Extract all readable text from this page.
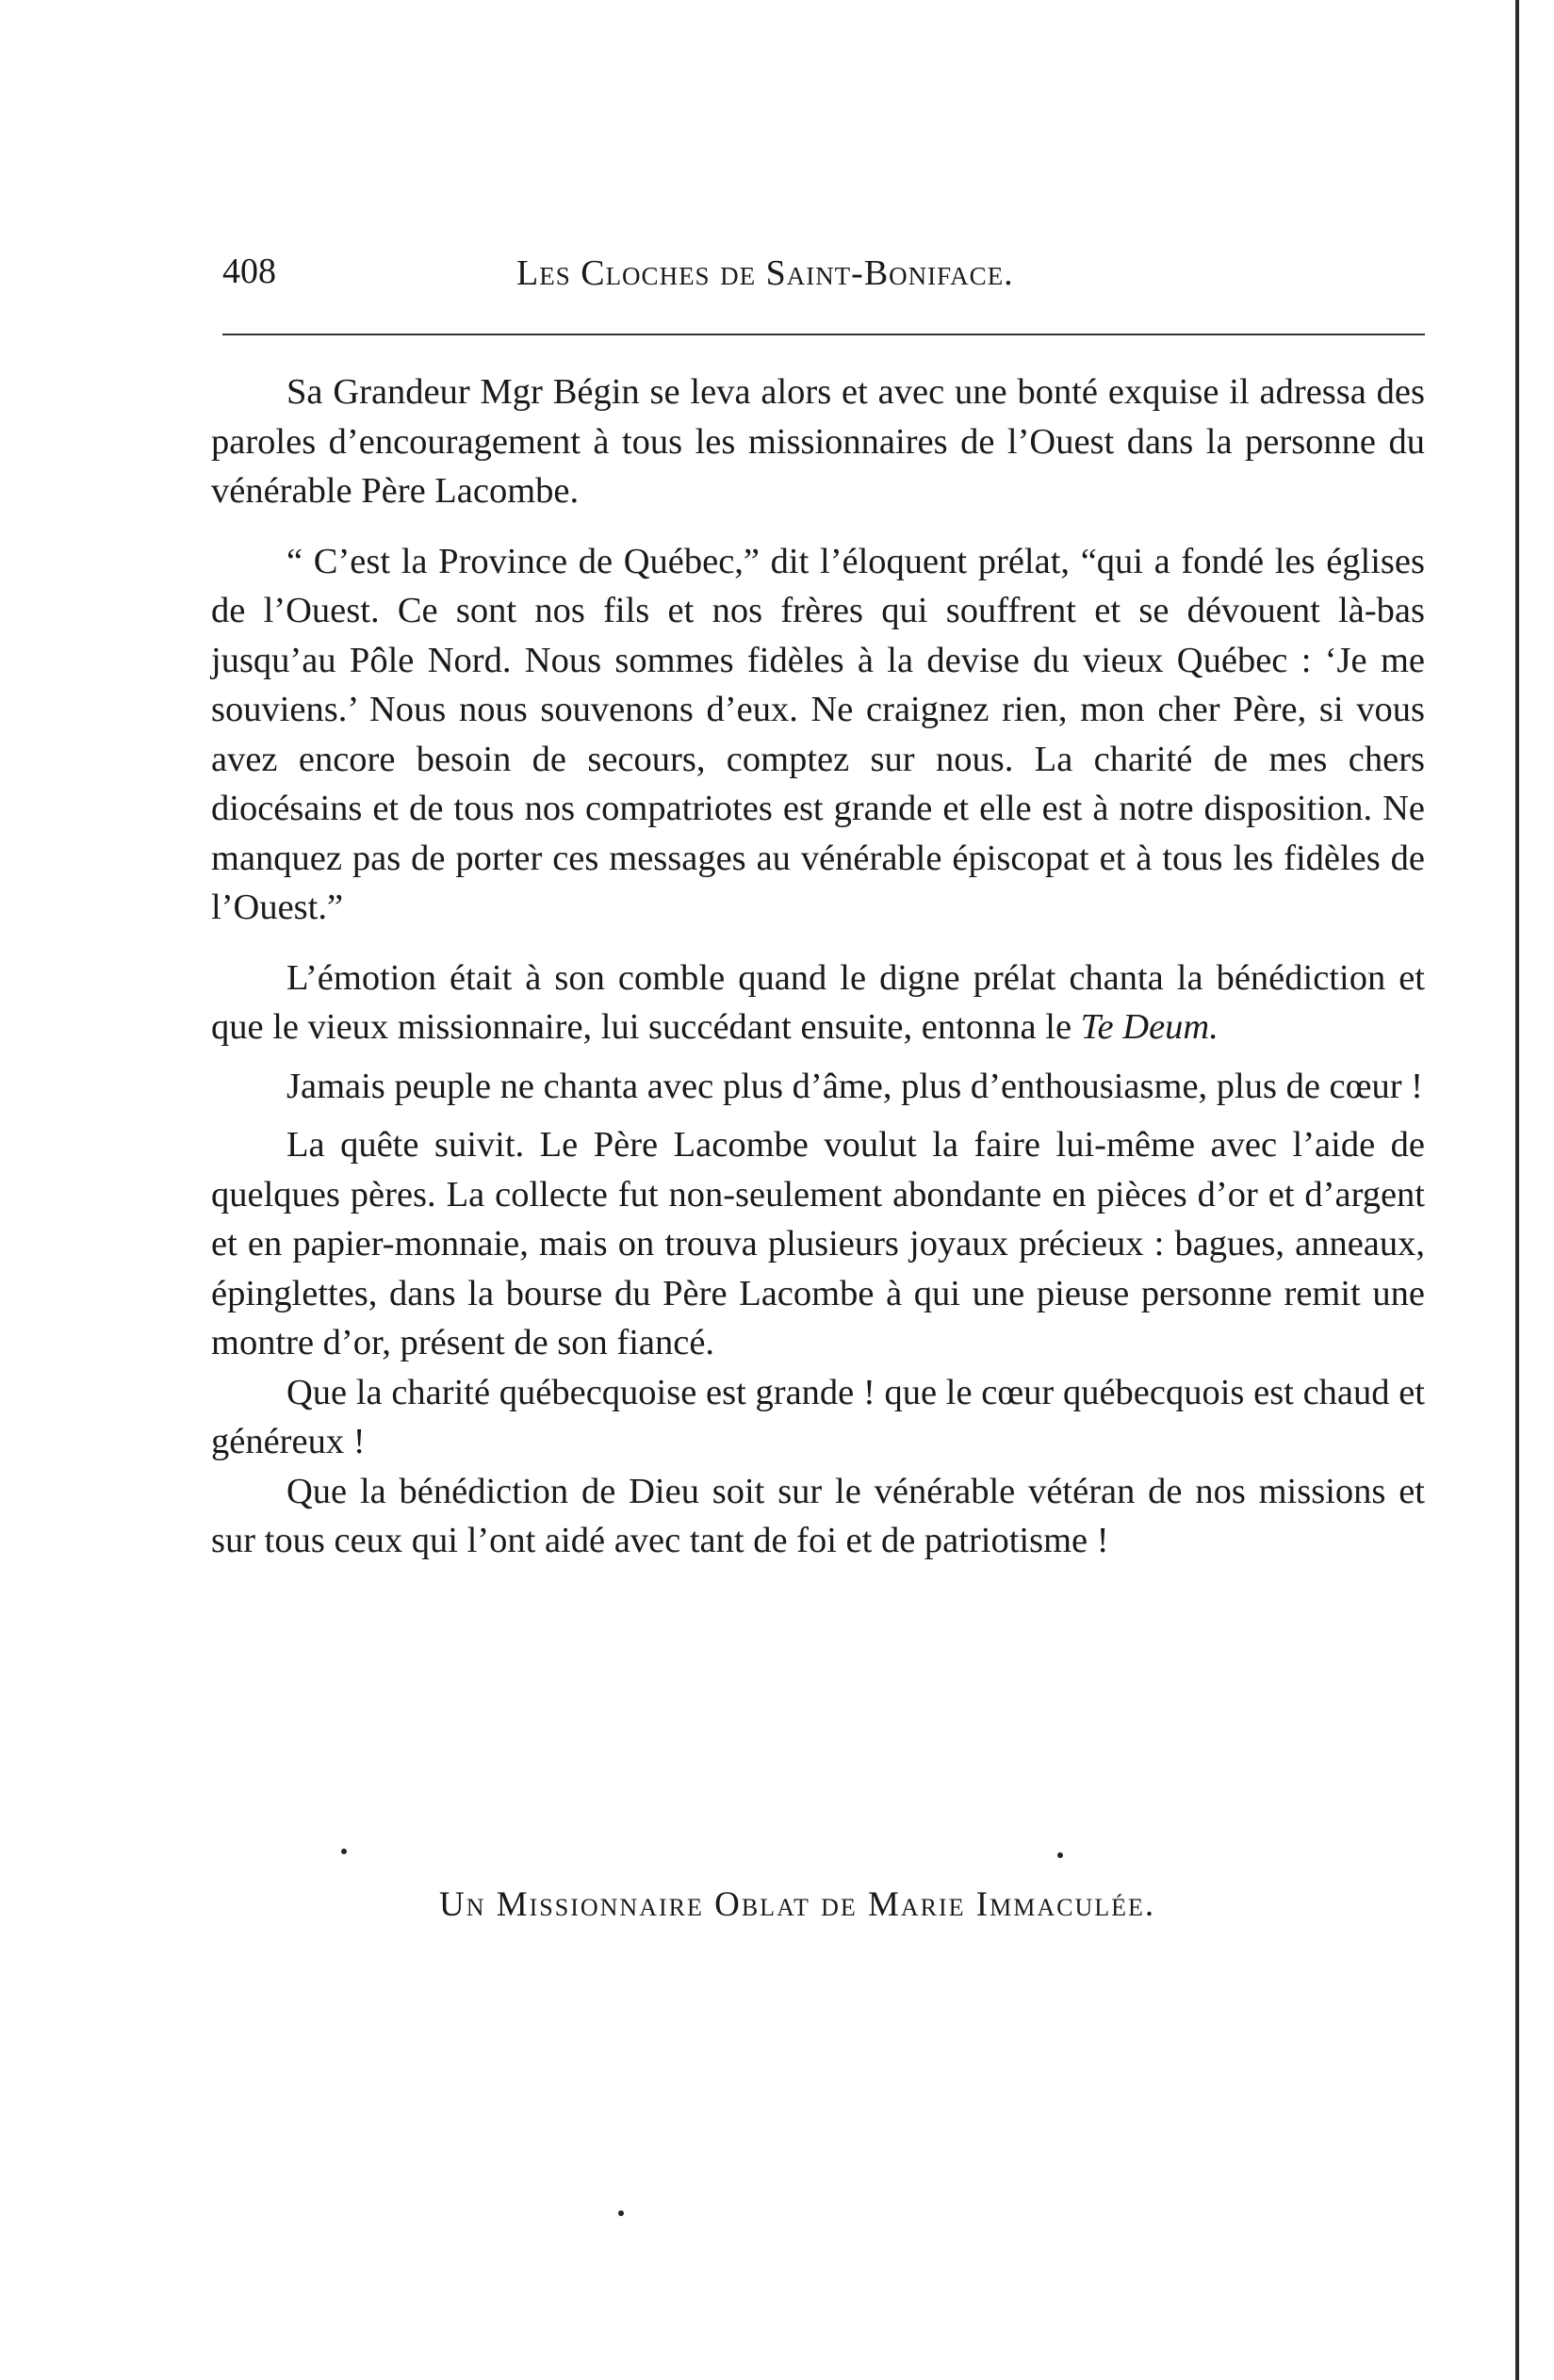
408	Les Cloches de Saint-Boniface.

Sa Grandeur Mgr Bégin se leva alors et avec une bonté exquise il adressa des paroles d’encouragement à tous les missionnaires de l’Ouest dans la personne du vénérable Père Lacombe.

“ C’est la Province de Québec,” dit l’éloquent prélat, “qui a fondé les églises de l’Ouest. Ce sont nos fils et nos frères qui souffrent et se dévouent là-bas jusqu’au Pôle Nord. Nous sommes fidèles à la devise du vieux Québec : ‘Je me souviens.’ Nous nous souvenons d’eux. Ne craignez rien, mon cher Père, si vous avez encore besoin de secours, comptez sur nous. La charité de mes chers diocésains et de tous nos compatriotes est grande et elle est à notre disposition. Ne manquez pas de porter ces messages au vénérable épiscopat et à tous les fidèles de l’Ouest.”

L’émotion était à son comble quand le digne prélat chanta la bénédiction et que le vieux missionnaire, lui succédant ensuite, entonna le Te Deum.

Jamais peuple ne chanta avec plus d’âme, plus d’enthousiasme, plus de cœur !

La quête suivit. Le Père Lacombe voulut la faire lui-même avec l’aide de quelques pères. La collecte fut non-seulement abondante en pièces d’or et d’argent et en papier-monnaie, mais on trouva plusieurs joyaux précieux : bagues, anneaux, épinglettes, dans la bourse du Père Lacombe à qui une pieuse personne remit une montre d’or, présent de son fiancé.

Que la charité québecquoise est grande ! que le cœur québecquois est chaud et généreux !

Que la bénédiction de Dieu soit sur le vénérable vétéran de nos missions et sur tous ceux qui l’ont aidé avec tant de foi et de patriotisme !

Un Missionnaire Oblat de Marie Immaculée.
